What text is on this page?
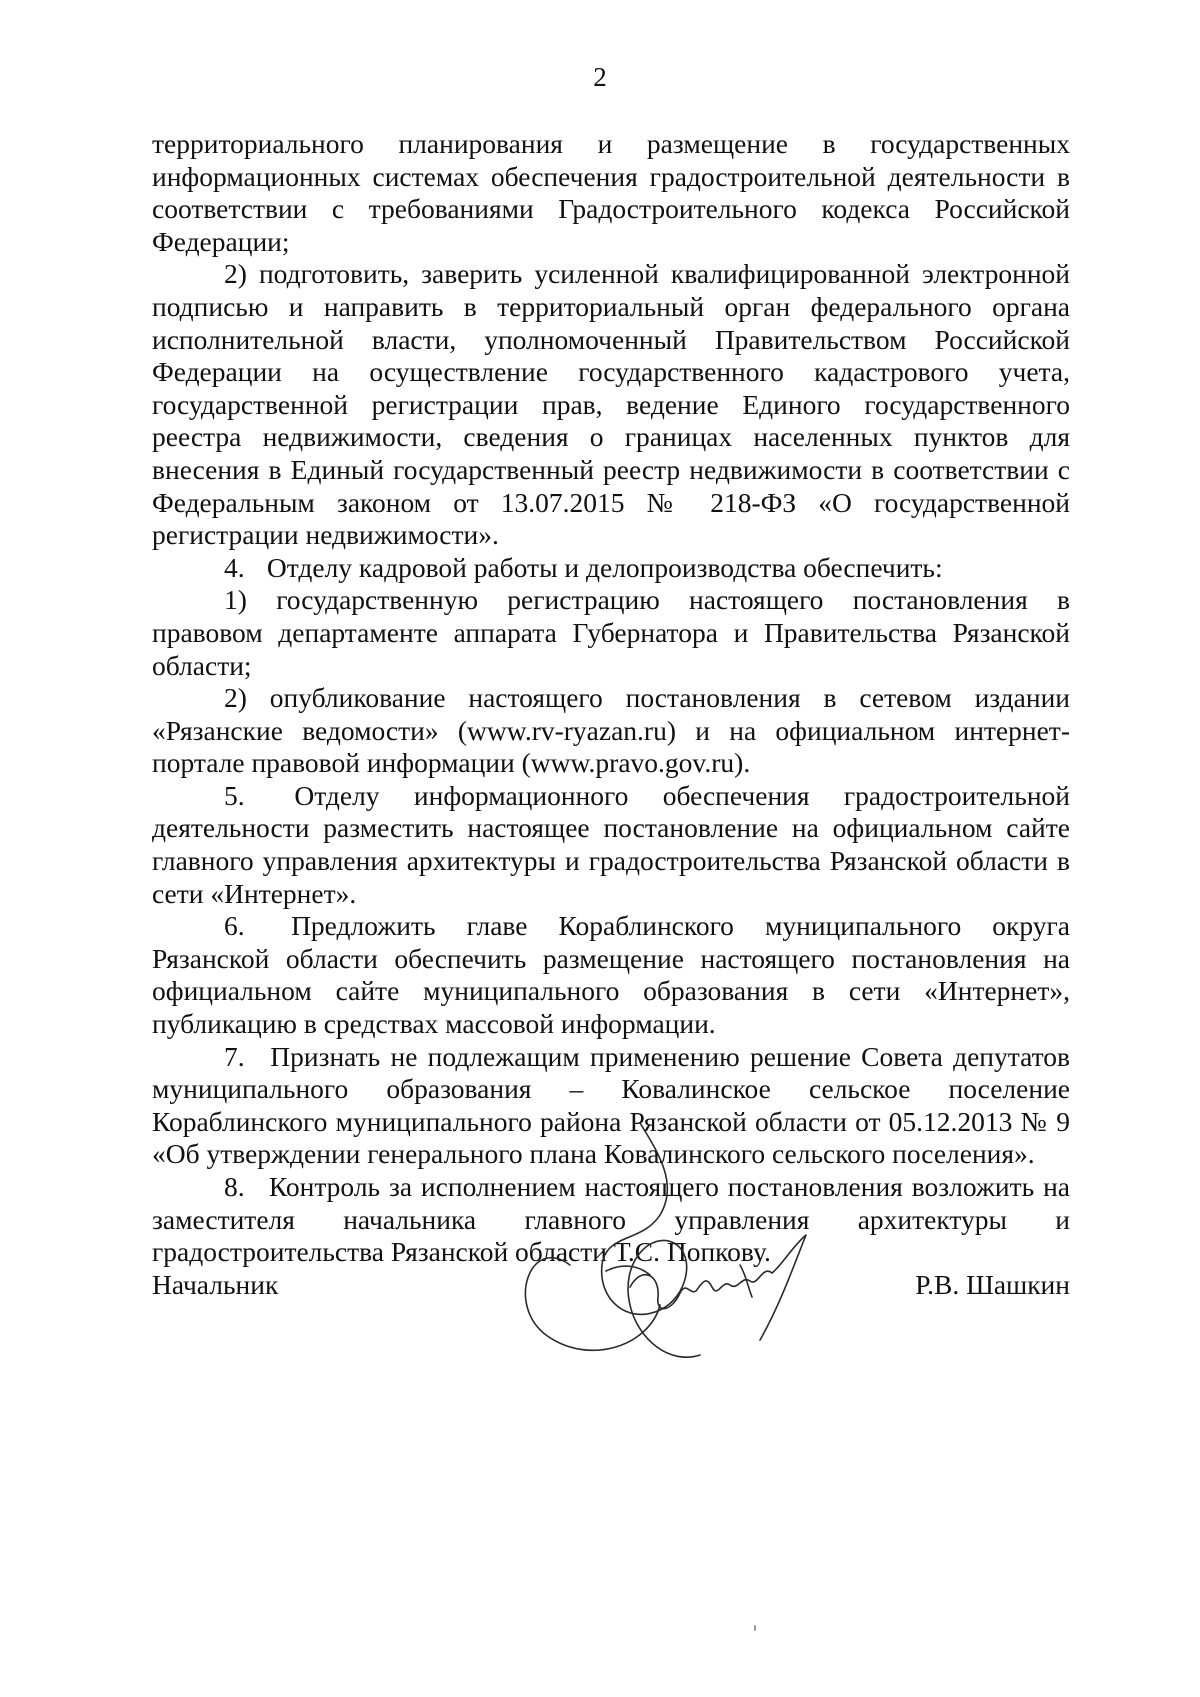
2

территориального планирования и размещение в государственных информационных системах обеспечения градостроительной деятельности в соответствии с требованиями Градостроительного кодекса Российской Федерации;

2) подготовить, заверить усиленной квалифицированной электронной подписью и направить в территориальный орган федерального органа исполнительной власти, уполномоченный Правительством Российской Федерации на осуществление государственного кадастрового учета, государственной регистрации прав, ведение Единого государственного реестра недвижимости, сведения о границах населенных пунктов для внесения в Единый государственный реестр недвижимости в соответствии с Федеральным законом от 13.07.2015 № 218-ФЗ «О государственной регистрации недвижимости».

4. Отделу кадровой работы и делопроизводства обеспечить:

1) государственную регистрацию настоящего постановления в правовом департаменте аппарата Губернатора и Правительства Рязанской области;

2) опубликование настоящего постановления в сетевом издании «Рязанские ведомости» (www.rv-ryazan.ru) и на официальном интернет-портале правовой информации (www.pravo.gov.ru).

5. Отделу информационного обеспечения градостроительной деятельности разместить настоящее постановление на официальном сайте главного управления архитектуры и градостроительства Рязанской области в сети «Интернет».

6. Предложить главе Кораблинского муниципального округа Рязанской области обеспечить размещение настоящего постановления на официальном сайте муниципального образования в сети «Интернет», публикацию в средствах массовой информации.

7. Признать не подлежащим применению решение Совета депутатов муниципального образования – Ковалинское сельское поселение Кораблинского муниципального района Рязанской области от 05.12.2013 № 9 «Об утверждении генерального плана Ковалинского сельского поселения».

8. Контроль за исполнением настоящего постановления возложить на заместителя начальника главного управления архитектуры и градостроительства Рязанской области Т.С. Попкову.

Начальник	Р.В. Шашкин
